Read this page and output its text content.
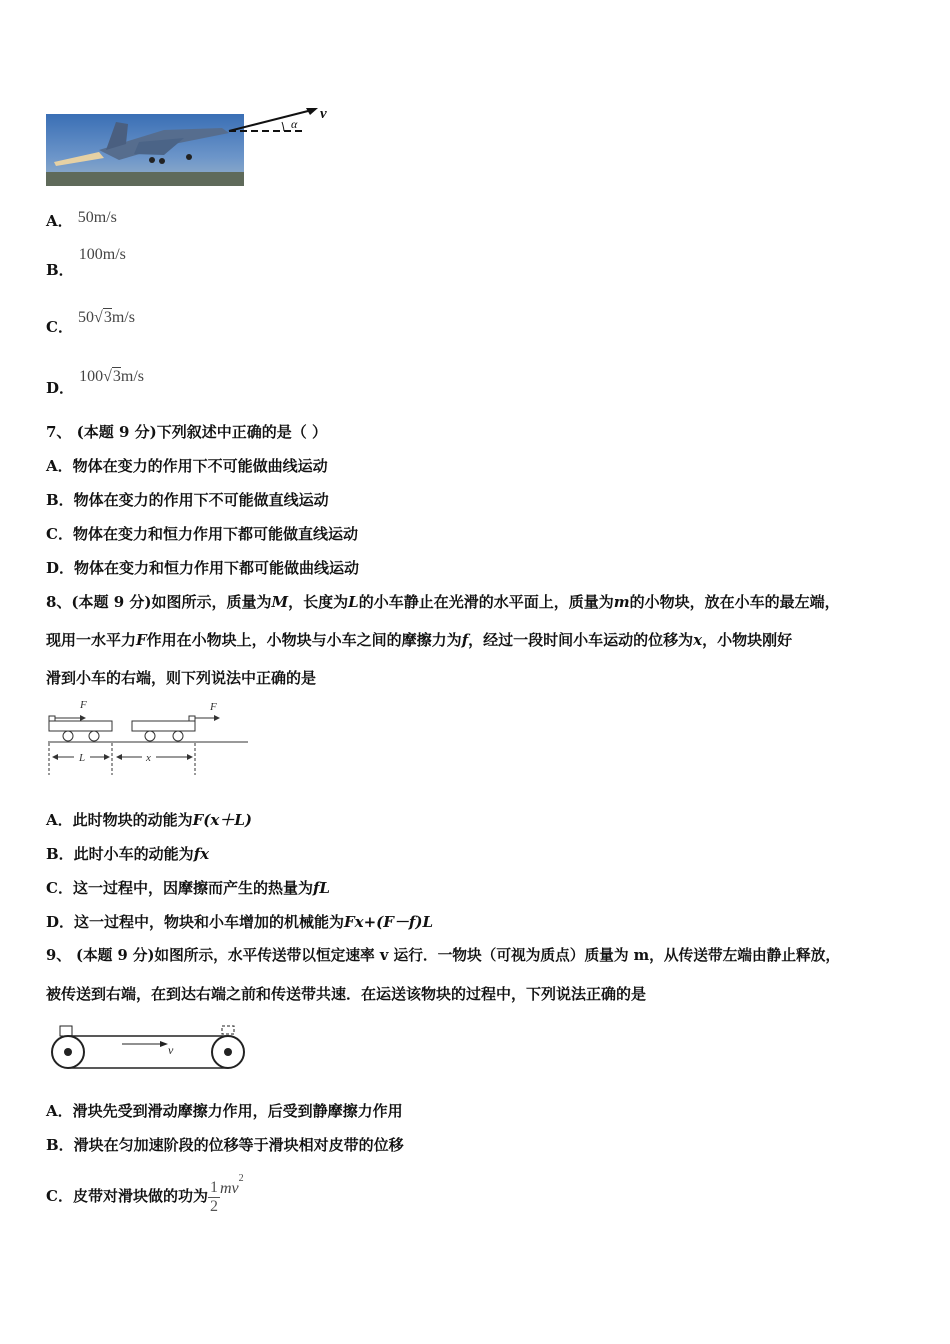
α
v
A． 50m/s
B． 100m/s
C． 50√3m/s
D． 100√3m/s
7、 (本题 9 分)下列叙述中正确的是（ ）
A．物体在变力的作用下不可能做曲线运动
B．物体在变力的作用下不可能做直线运动
C．物体在变力和恒力作用下都可能做直线运动
D．物体在变力和恒力作用下都可能做曲线运动
8、(本题 9 分)如图所示，质量为M，长度为L的小车静止在光滑的水平面上，质量为m的小物块，放在小车的最左端，
现用一水平力F作用在小物块上，小物块与小车之间的摩擦力为f，经过一段时间小车运动的位移为x，小物块刚好
滑到小车的右端，则下列说法中正确的是
F	F
L	x
A．此时物块的动能为F(x＋L)
B．此时小车的动能为fx
C．这一过程中，因摩擦而产生的热量为fL
D．这一过程中，物块和小车增加的机械能为Fx+(F－f)L
9、 (本题 9 分)如图所示，水平传送带以恒定速率 v 运行．一物块（可视为质点）质量为 m，从传送带左端由静止释放，
被传送到右端，在到达右端之前和传送带共速．在运送该物块的过程中，下列说法正确的是
v
A．滑块先受到滑动摩擦力作用，后受到静摩擦力作用
B．滑块在匀加速阶段的位移等于滑块相对皮带的位移
C．皮带对滑块做的功为 $\frac{1}{2} mv^2$
